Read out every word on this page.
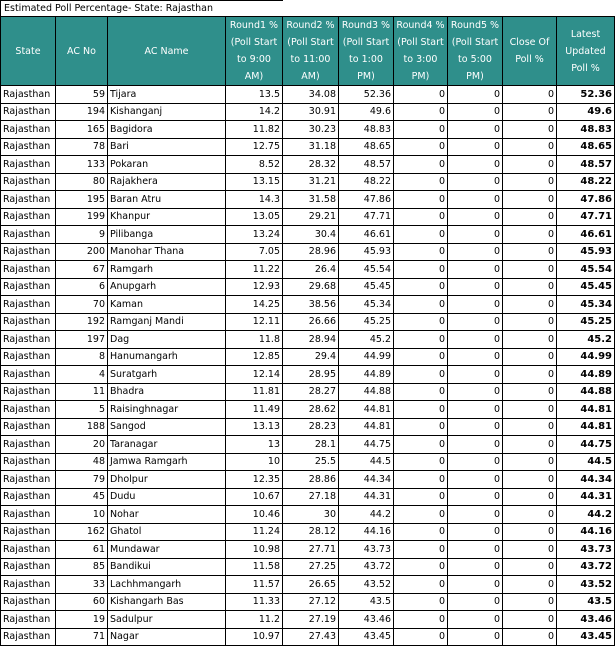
Estimated Poll Percentage- State: Rajasthan
State	AC No	AC Name	Round1 %(Poll Start to 9:00 AM)	Round2 %(Poll Start to 11:00 AM)	Round3 %(Poll Start to 1:00 PM)	Round4 %(Poll Start to 3:00 PM)	Round5 %(Poll Start to 5:00 PM)	Close Of Poll %	Latest Updated Poll %
Rajasthan	59	Tijara	13.5	34.08	52.36	0	0	0	52.36
Rajasthan	194	Kishanganj	14.2	30.91	49.6	0	0	0	49.6
Rajasthan	165	Bagidora	11.82	30.23	48.83	0	0	0	48.83
Rajasthan	78	Bari	12.75	31.18	48.65	0	0	0	48.65
Rajasthan	133	Pokaran	8.52	28.32	48.57	0	0	0	48.57
Rajasthan	80	Rajakhera	13.15	31.21	48.22	0	0	0	48.22
Rajasthan	195	Baran Atru	14.3	31.58	47.86	0	0	0	47.86
Rajasthan	199	Khanpur	13.05	29.21	47.71	0	0	0	47.71
Rajasthan	9	Pilibanga	13.24	30.4	46.61	0	0	0	46.61
Rajasthan	200	Manohar Thana	7.05	28.96	45.93	0	0	0	45.93
Rajasthan	67	Ramgarh	11.22	26.4	45.54	0	0	0	45.54
Rajasthan	6	Anupgarh	12.93	29.68	45.45	0	0	0	45.45
Rajasthan	70	Kaman	14.25	38.56	45.34	0	0	0	45.34
Rajasthan	192	Ramganj Mandi	12.11	26.66	45.25	0	0	0	45.25
Rajasthan	197	Dag	11.8	28.94	45.2	0	0	0	45.2
Rajasthan	8	Hanumangarh	12.85	29.4	44.99	0	0	0	44.99
Rajasthan	4	Suratgarh	12.14	28.95	44.89	0	0	0	44.89
Rajasthan	11	Bhadra	11.81	28.27	44.88	0	0	0	44.88
Rajasthan	5	Raisinghnagar	11.49	28.62	44.81	0	0	0	44.81
Rajasthan	188	Sangod	13.13	28.23	44.81	0	0	0	44.81
Rajasthan	20	Taranagar	13	28.1	44.75	0	0	0	44.75
Rajasthan	48	Jamwa Ramgarh	10	25.5	44.5	0	0	0	44.5
Rajasthan	79	Dholpur	12.35	28.86	44.34	0	0	0	44.34
Rajasthan	45	Dudu	10.67	27.18	44.31	0	0	0	44.31
Rajasthan	10	Nohar	10.46	30	44.2	0	0	0	44.2
Rajasthan	162	Ghatol	11.24	28.12	44.16	0	0	0	44.16
Rajasthan	61	Mundawar	10.98	27.71	43.73	0	0	0	43.73
Rajasthan	85	Bandikui	11.58	27.25	43.72	0	0	0	43.72
Rajasthan	33	Lachhmangarh	11.57	26.65	43.52	0	0	0	43.52
Rajasthan	60	Kishangarh Bas	11.33	27.12	43.5	0	0	0	43.5
Rajasthan	19	Sadulpur	11.2	27.19	43.46	0	0	0	43.46
Rajasthan	71	Nagar	10.97	27.43	43.45	0	0	0	43.45
